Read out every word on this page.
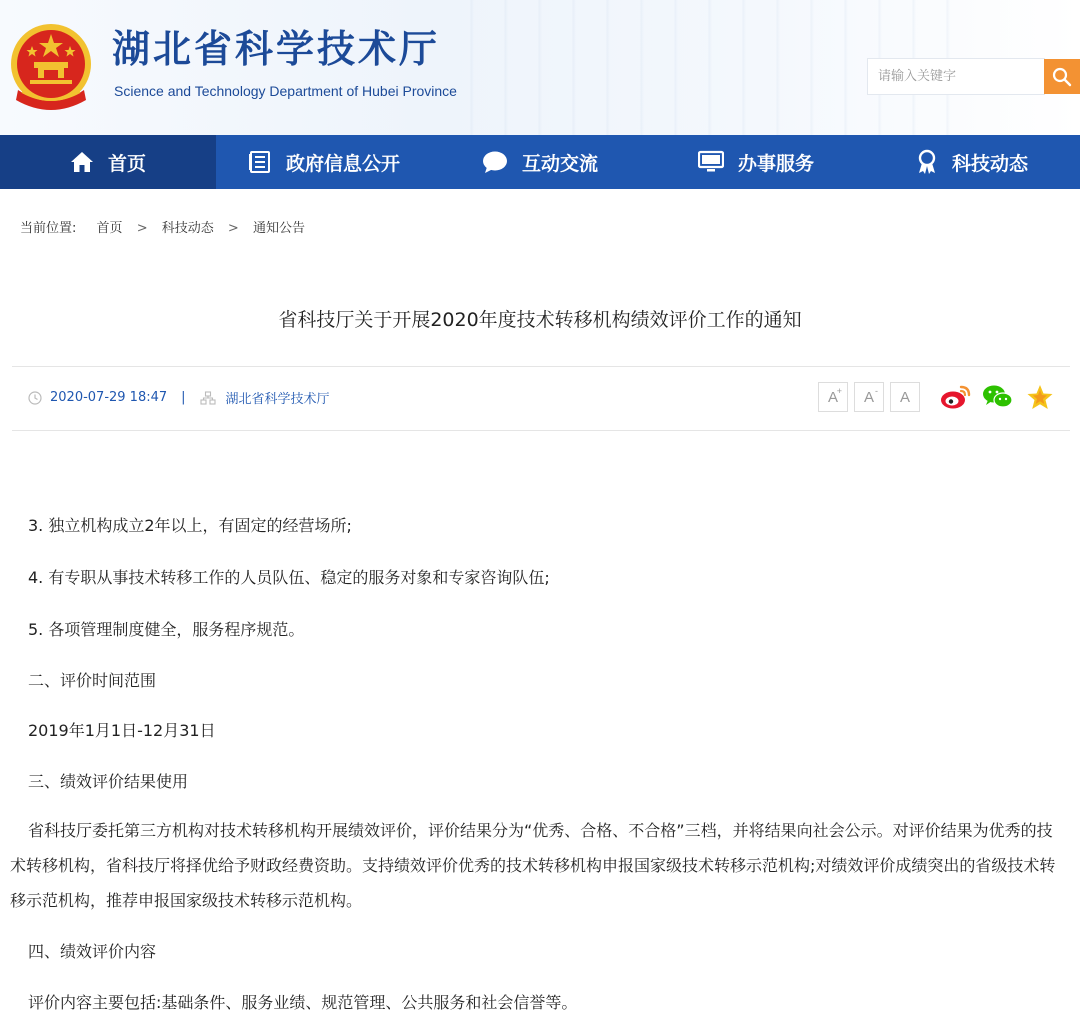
湖北省科学技术厅
Science and Technology Department of Hubei Province
请输入关键字
首页	政府信息公开	互动交流	办事服务	科技动态
当前位置: 首页 > 科技动态 > 通知公告
省科技厅关于开展2020年度技术转移机构绩效评价工作的通知
2020-07-29 18:47 |	湖北省科学技术厅	A
+ A- A
3. 独立机构成立2年以上，有固定的经营场所;
4. 有专职从事技术转移工作的人员队伍、稳定的服务对象和专家咨询队伍;
5. 各项管理制度健全，服务程序规范。
二、评价时间范围
2019年1月1日-12月31日
三、绩效评价结果使用
省科技厅委托第三方机构对技术转移机构开展绩效评价，评价结果分为“优秀、合格、不合格”三档，并将结果向社会公示。对评价结果为优秀的技术转移机构，省科技厅将择优给予财政经费资助。支持绩效评价优秀的技术转移机构申报国家级技术转移示范机构;对绩效评价成绩突出的省级技术转移示范机构，推荐申报国家级技术转移示范机构。
四、绩效评价内容
评价内容主要包括:基础条件、服务业绩、规范管理、公共服务和社会信誉等。
